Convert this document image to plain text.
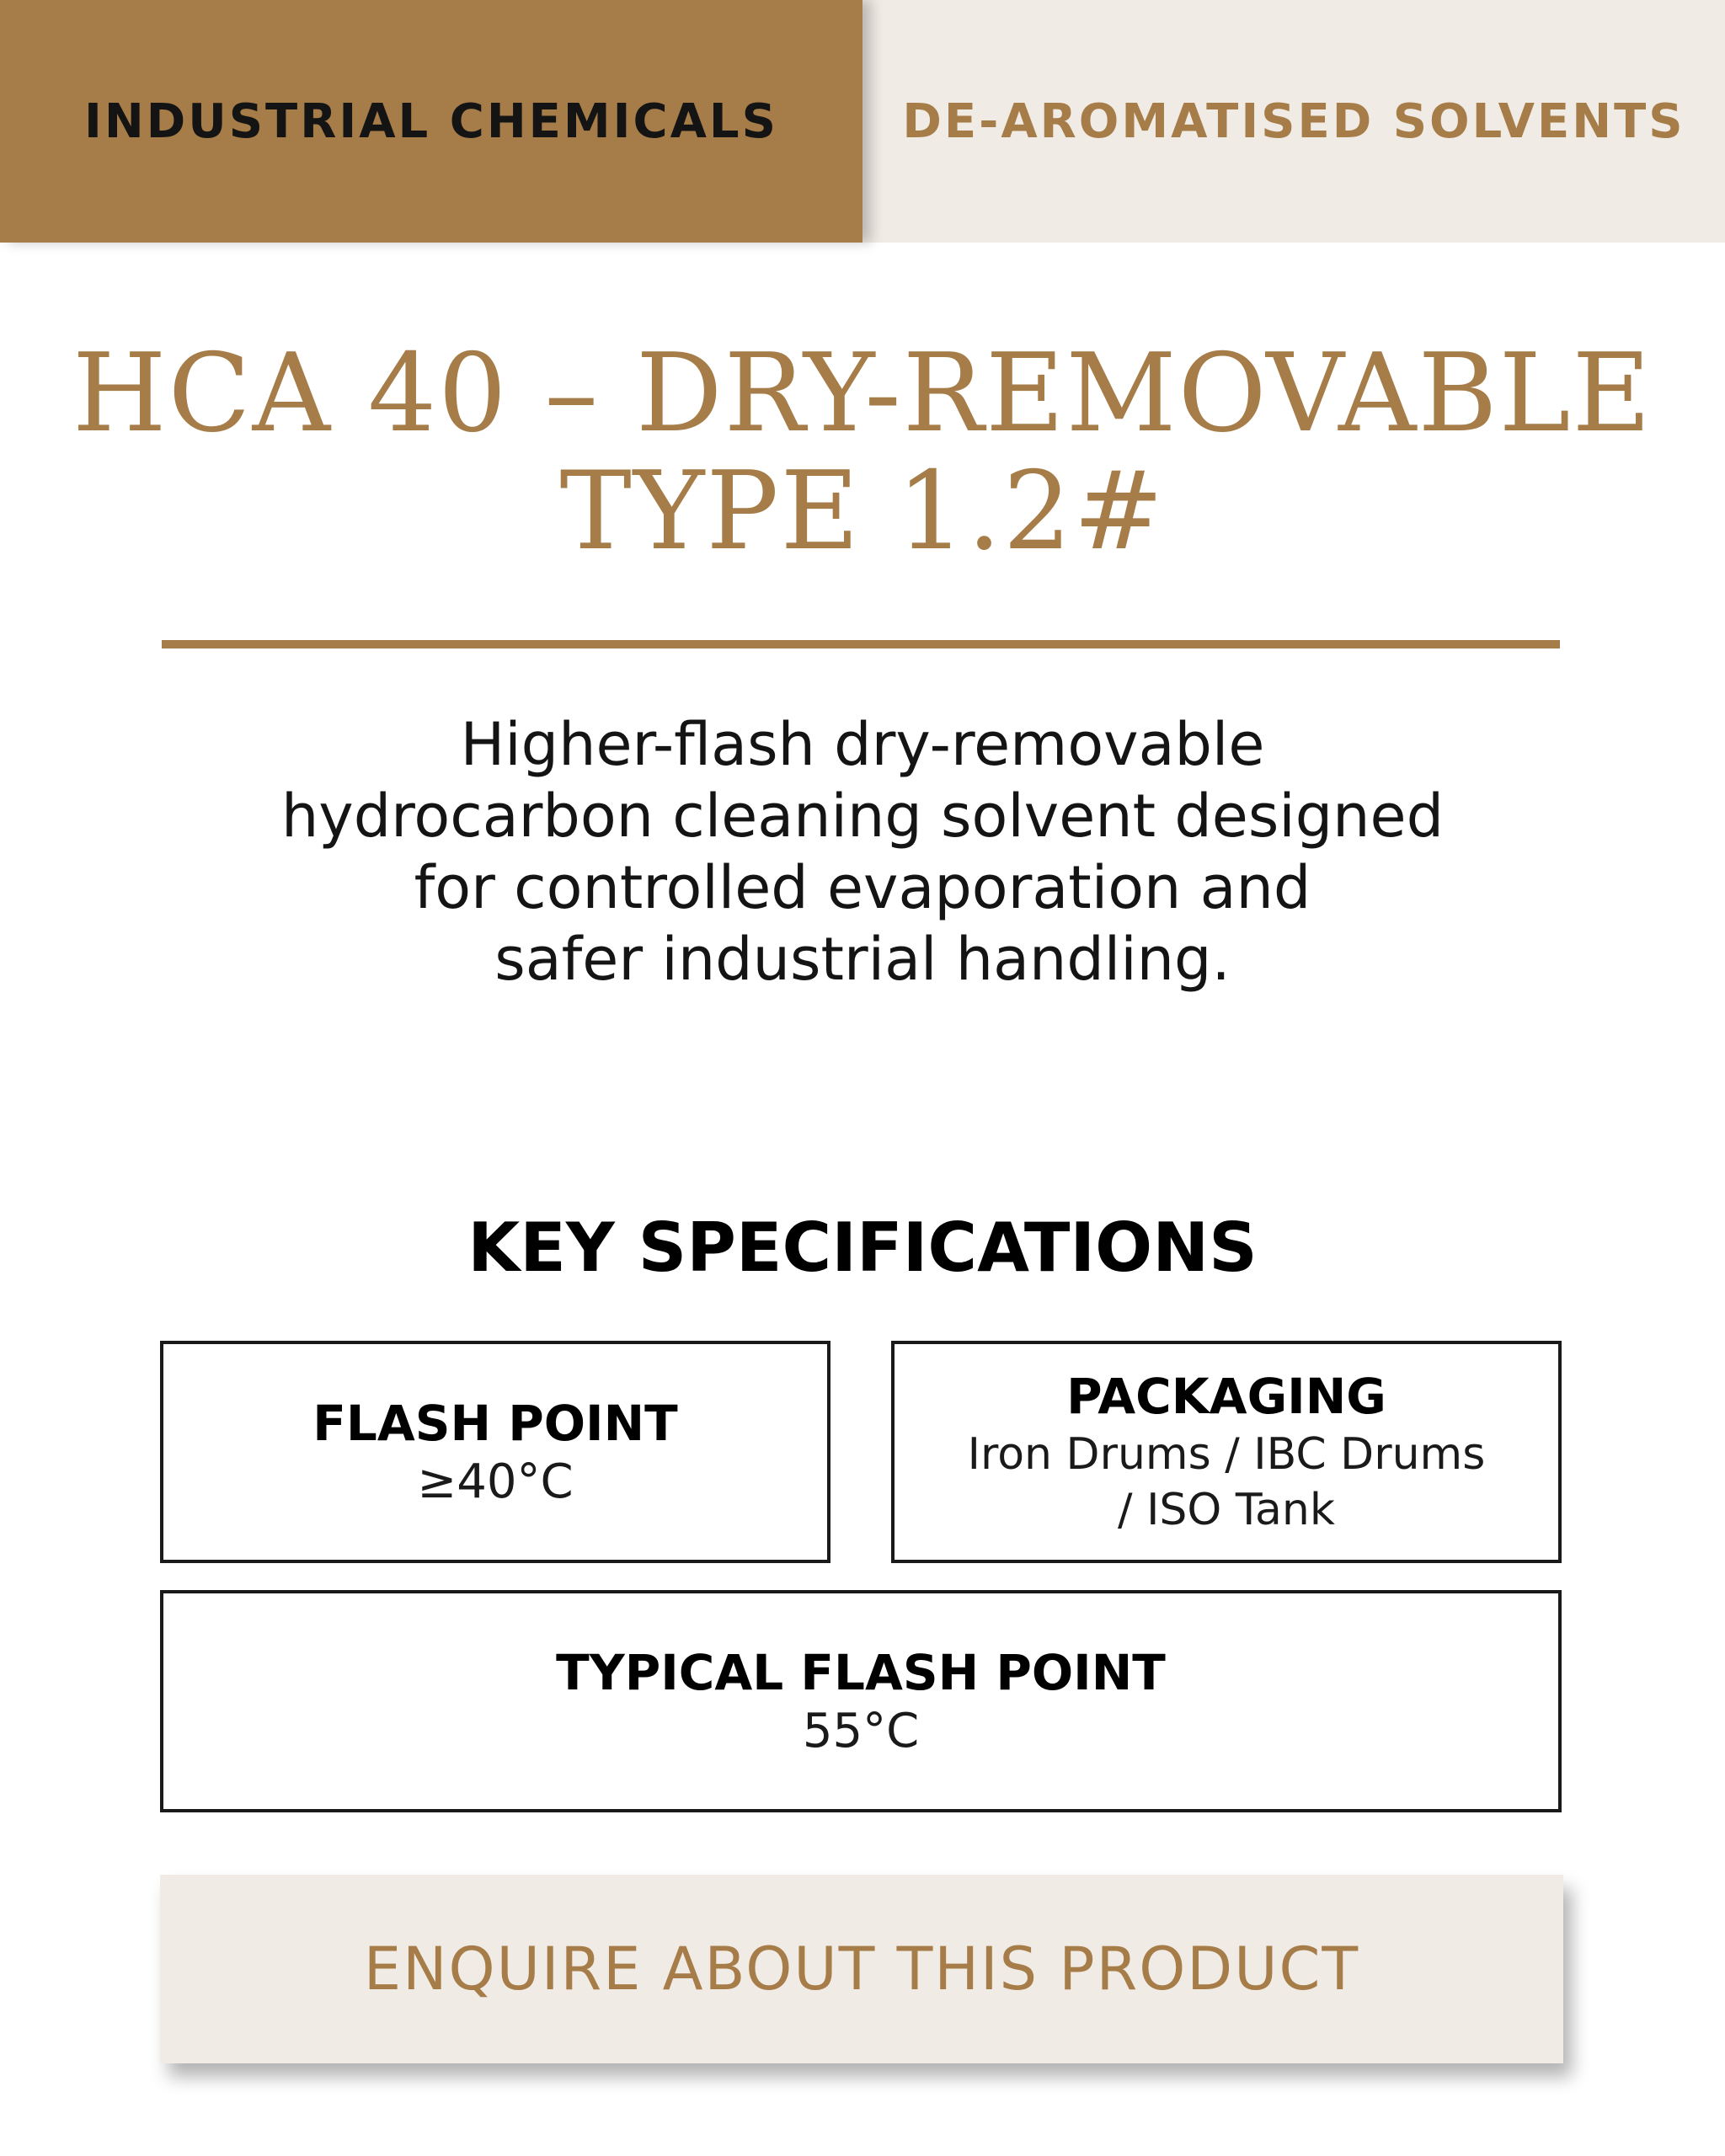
INDUSTRIAL CHEMICALS	DE-AROMATISED SOLVENTS
HCA 40 – DRY-REMOVABLE
TYPE 1.2#
Higher-flash dry-removable
hydrocarbon cleaning solvent designed
for controlled evaporation and
safer industrial handling.
KEY SPECIFICATIONS
FLASH POINT
≥40°C
PACKAGING
Iron Drums / IBC Drums
/ ISO Tank
TYPICAL FLASH POINT
55°C
ENQUIRE ABOUT THIS PRODUCT
